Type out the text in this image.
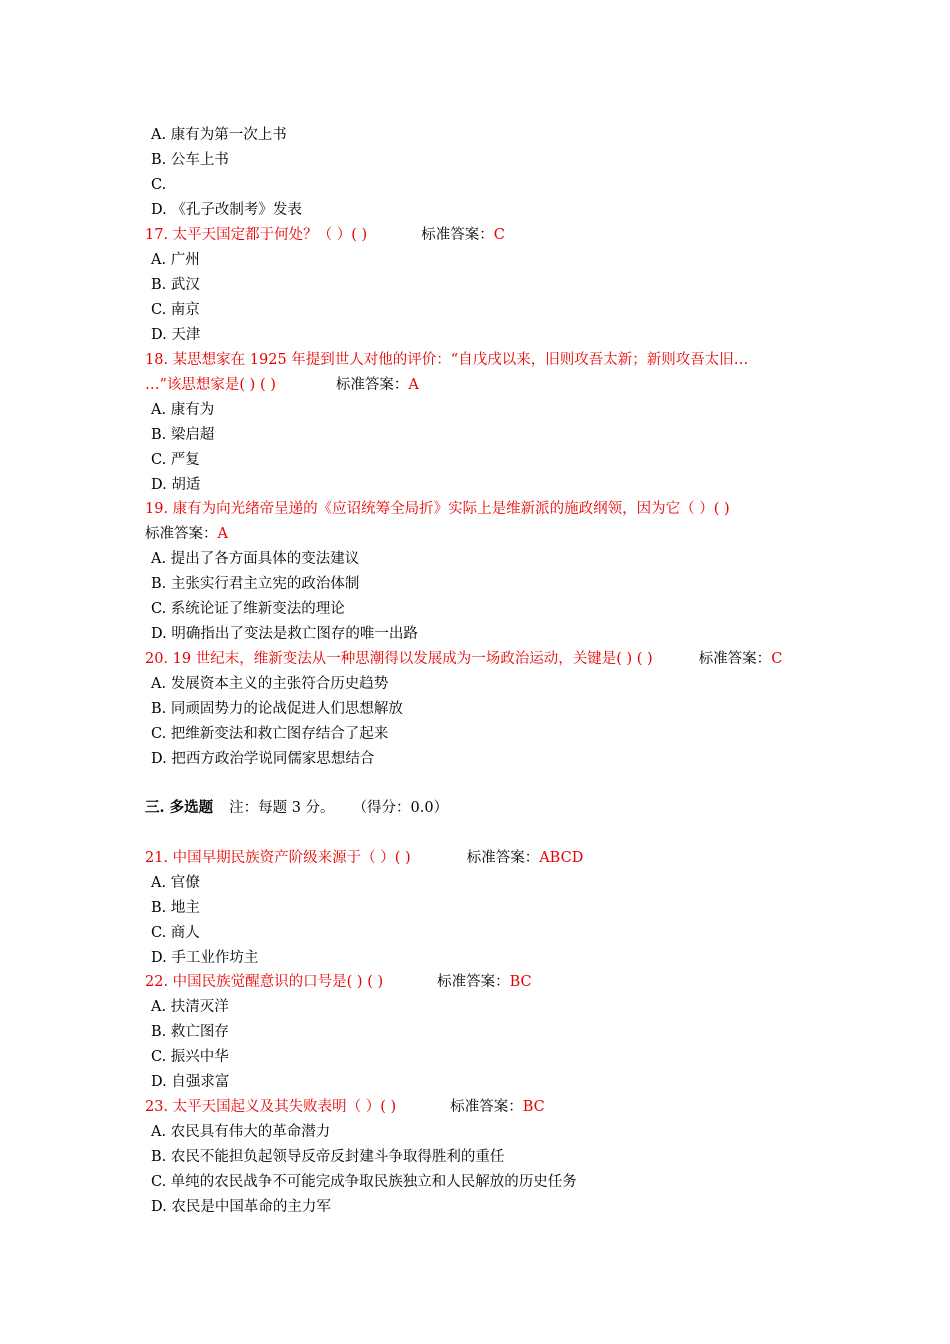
A. 康有为第一次上书
B. 公车上书
C.
D. 《孔子改制考》发表
17. 太平天国定都于何处？（ ）( )	标准答案：C
A. 广州
B. 武汉
C. 南京
D. 天津
18. 某思想家在 1925 年提到世人对他的评价：“自戊戌以来，旧则攻吾太新；新则攻吾太旧…
…”该思想家是( ) ( )	标准答案：A
A. 康有为
B. 梁启超
C. 严复
D. 胡适
19. 康有为向光绪帝呈递的《应诏统筹全局折》实际上是维新派的施政纲领，因为它（ ）( )
标准答案：A
A. 提出了各方面具体的变法建议
B. 主张实行君主立宪的政治体制
C. 系统论证了维新变法的理论
D. 明确指出了变法是救亡图存的唯一出路
20. 19 世纪末，维新变法从一种思潮得以发展成为一场政治运动，关键是( ) ( )	标准答案：C
A. 发展资本主义的主张符合历史趋势
B. 同顽固势力的论战促进人们思想解放
C. 把维新变法和救亡图存结合了起来
D. 把西方政治学说同儒家思想结合
三. 多选题 注：每题 3 分。 （得分：0.0）
21. 中国早期民族资产阶级来源于（ ）( )	标准答案：ABCD
A. 官僚
B. 地主
C. 商人
D. 手工业作坊主
22. 中国民族觉醒意识的口号是( ) ( )	标准答案：BC
A. 扶清灭洋
B. 救亡图存
C. 振兴中华
D. 自强求富
23. 太平天国起义及其失败表明（ ）( )	标准答案：BC
A. 农民具有伟大的革命潜力
B. 农民不能担负起领导反帝反封建斗争取得胜利的重任
C. 单纯的农民战争不可能完成争取民族独立和人民解放的历史任务
D. 农民是中国革命的主力军
